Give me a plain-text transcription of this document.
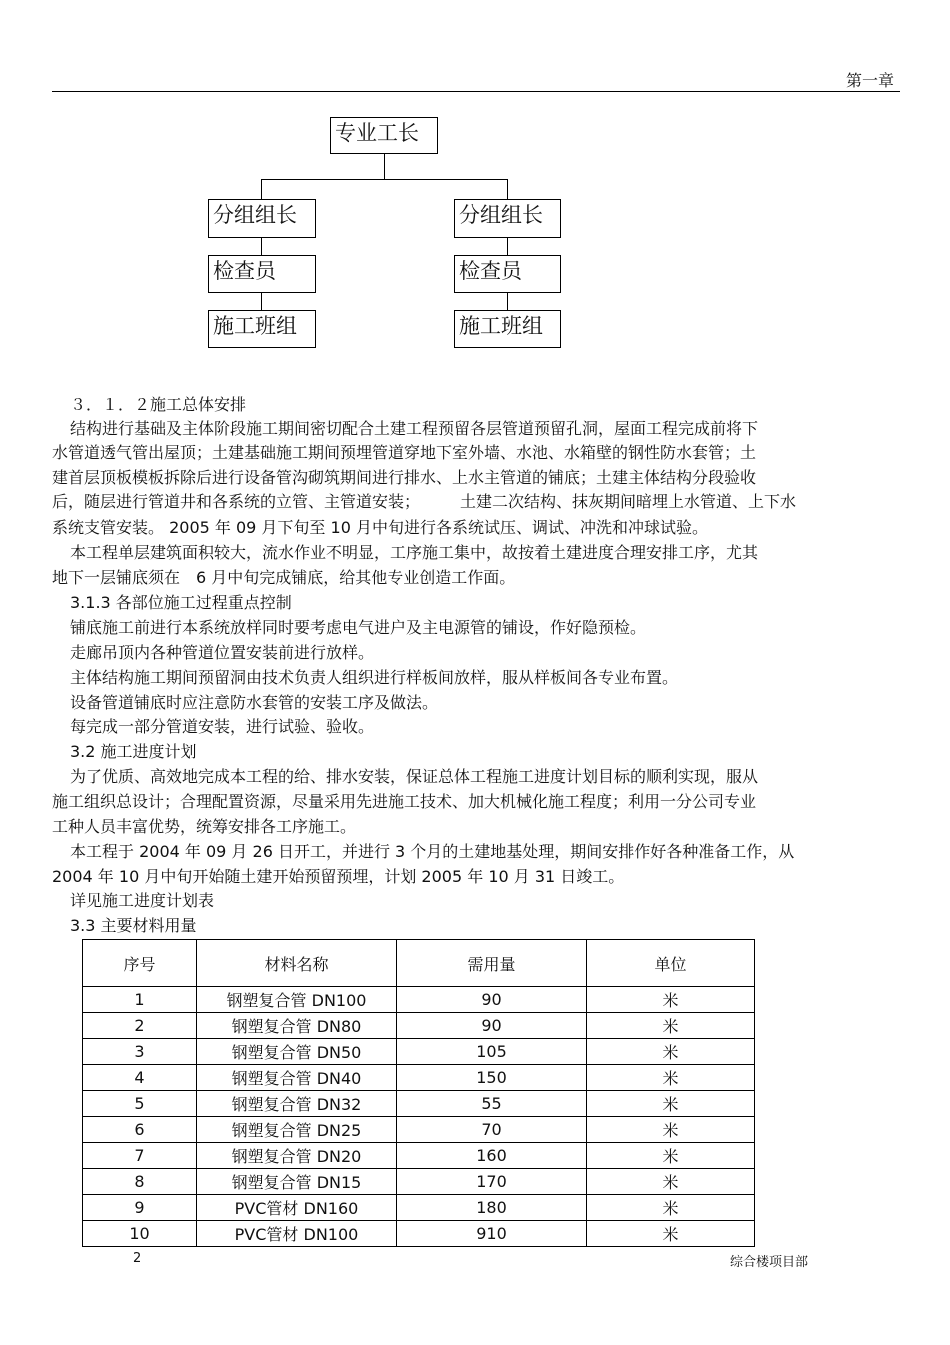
第一章
专业工长
分组组长
检查员
施工班组
分组组长
检查员
施工班组
３．１．２施工总体安排
结构进行基础及主体阶段施工期间密切配合土建工程预留各层管道预留孔洞，屋面工程完成前将下
水管道透气管出屋顶；土建基础施工期间预埋管道穿地下室外墙、水池、水箱壁的钢性防水套管；土
建首层顶板模板拆除后进行设备管沟砌筑期间进行排水、上水主管道的铺底；土建主体结构分段验收
后，随层进行管道井和各系统的立管、主管道安装；　　　土建二次结构、抹灰期间暗埋上水管道、上下水
系统支管安装。 2005 年 09 月下旬至 10 月中旬进行各系统试压、调试、冲洗和冲球试验。
本工程单层建筑面积较大，流水作业不明显，工序施工集中，故按着土建进度合理安排工序，尤其
地下一层铺底须在　6 月中旬完成铺底，给其他专业创造工作面。
3.1.3 各部位施工过程重点控制
铺底施工前进行本系统放样同时要考虑电气进户及主电源管的铺设，作好隐预检。
走廊吊顶内各种管道位置安装前进行放样。
主体结构施工期间预留洞由技术负责人组织进行样板间放样，服从样板间各专业布置。
设备管道铺底时应注意防水套管的安装工序及做法。
每完成一部分管道安装，进行试验、验收。
3.2 施工进度计划
为了优质、高效地完成本工程的给、排水安装，保证总体工程施工进度计划目标的顺利实现，服从
施工组织总设计；合理配置资源，尽量采用先进施工技术、加大机械化施工程度；利用一分公司专业
工种人员丰富优势，统筹安排各工序施工。
本工程于 2004 年 09 月 26 日开工，并进行 3 个月的土建地基处理，期间安排作好各种准备工作，从
2004 年 10 月中旬开始随土建开始预留预埋，计划 2005 年 10 月 31 日竣工。
详见施工进度计划表
3.3 主要材料用量
序号	材料名称	需用量	单位
1	钢塑复合管 DN100	90	米
2	钢塑复合管 DN80	90	米
3	钢塑复合管 DN50	105	米
4	钢塑复合管 DN40	150	米
5	钢塑复合管 DN32	55	米
6	钢塑复合管 DN25	70	米
7	钢塑复合管 DN20	160	米
8	钢塑复合管 DN15	170	米
9	PVC管材 DN160	180	米
10	PVC管材 DN100	910	米
2	综合楼项目部
